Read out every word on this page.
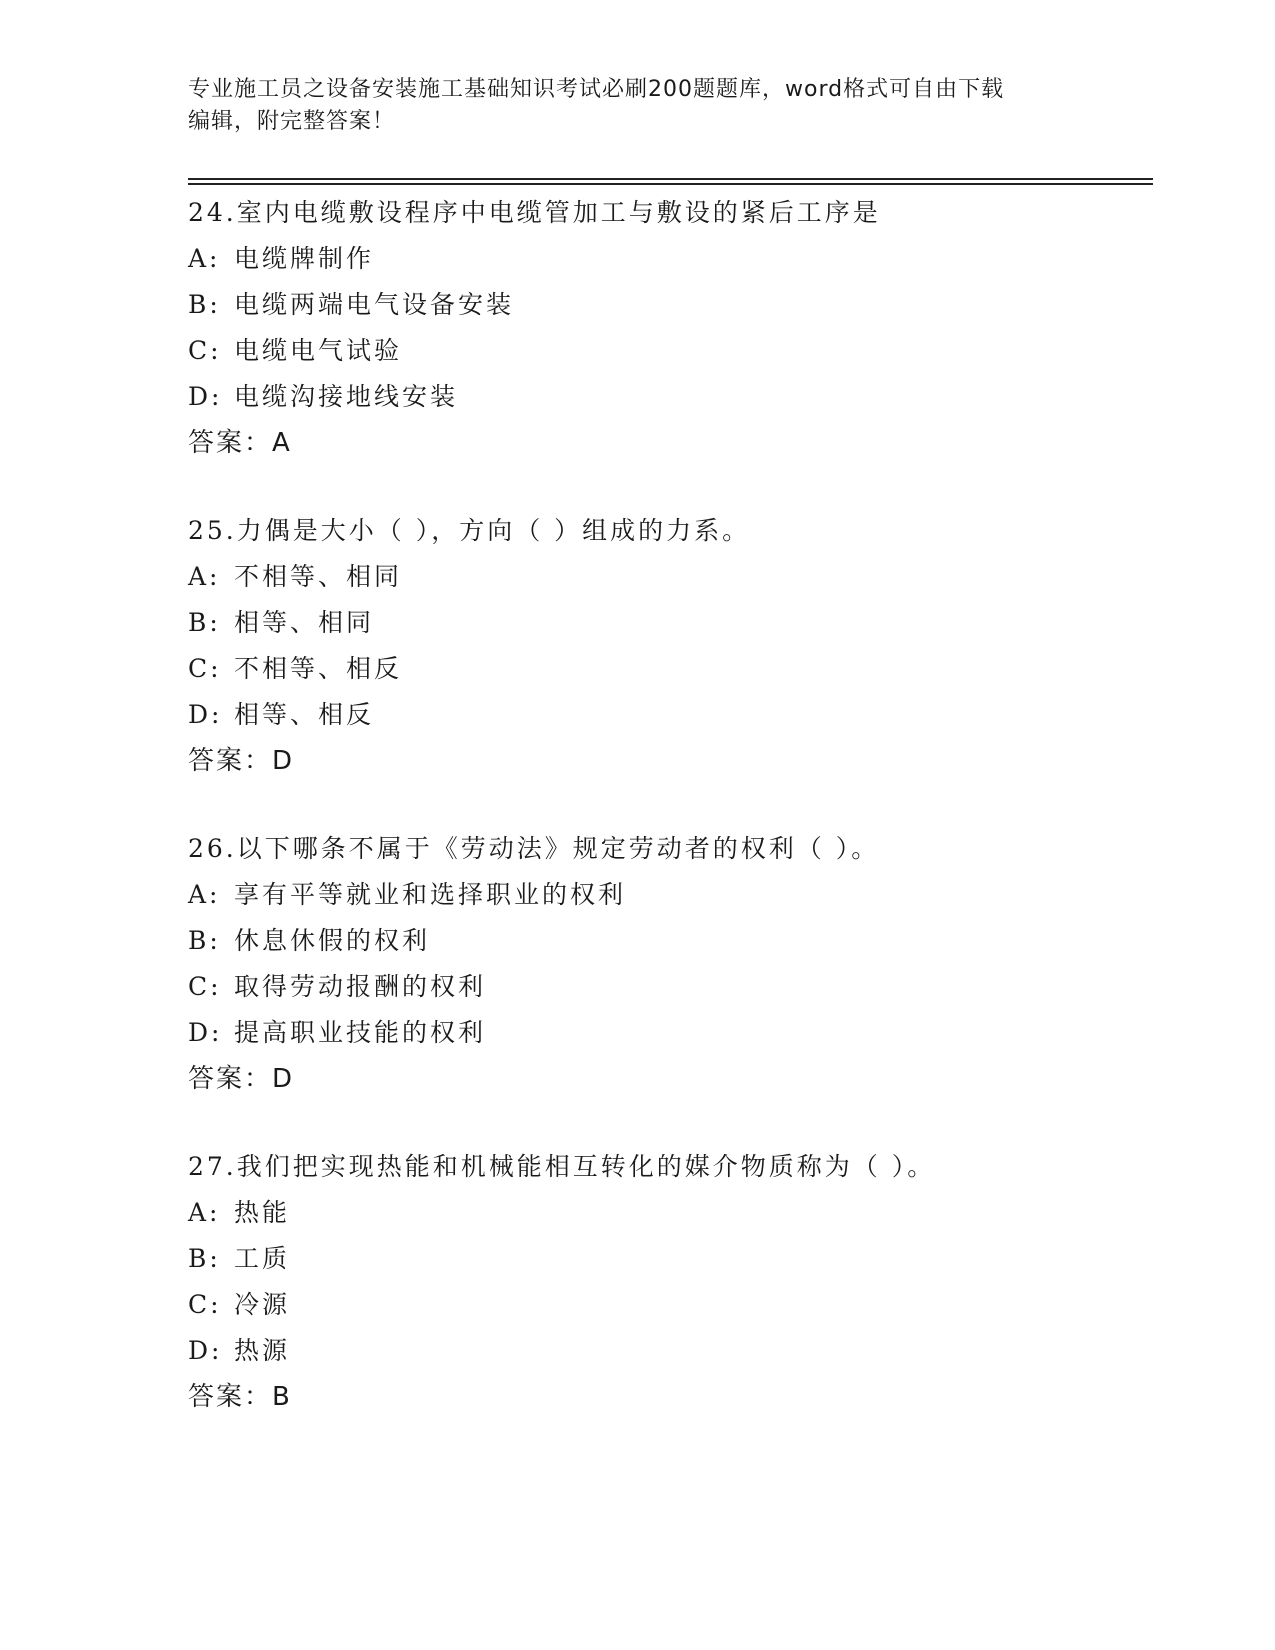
专业施工员之设备安装施工基础知识考试必刷200题题库，word格式可自由下载
编辑，附完整答案！
24.室内电缆敷设程序中电缆管加工与敷设的紧后工序是
A: 电缆牌制作
B: 电缆两端电气设备安装
C: 电缆电气试验
D: 电缆沟接地线安装
答案：A
25.力偶是大小（ ），方向（ ）组成的力系。
A: 不相等、相同
B: 相等、相同
C: 不相等、相反
D: 相等、相反
答案：D
26.以下哪条不属于《劳动法》规定劳动者的权利（ ）。
A: 享有平等就业和选择职业的权利
B: 休息休假的权利
C: 取得劳动报酬的权利
D: 提高职业技能的权利
答案：D
27.我们把实现热能和机械能相互转化的媒介物质称为（ ）。
A: 热能
B: 工质
C: 冷源
D: 热源
答案：B
